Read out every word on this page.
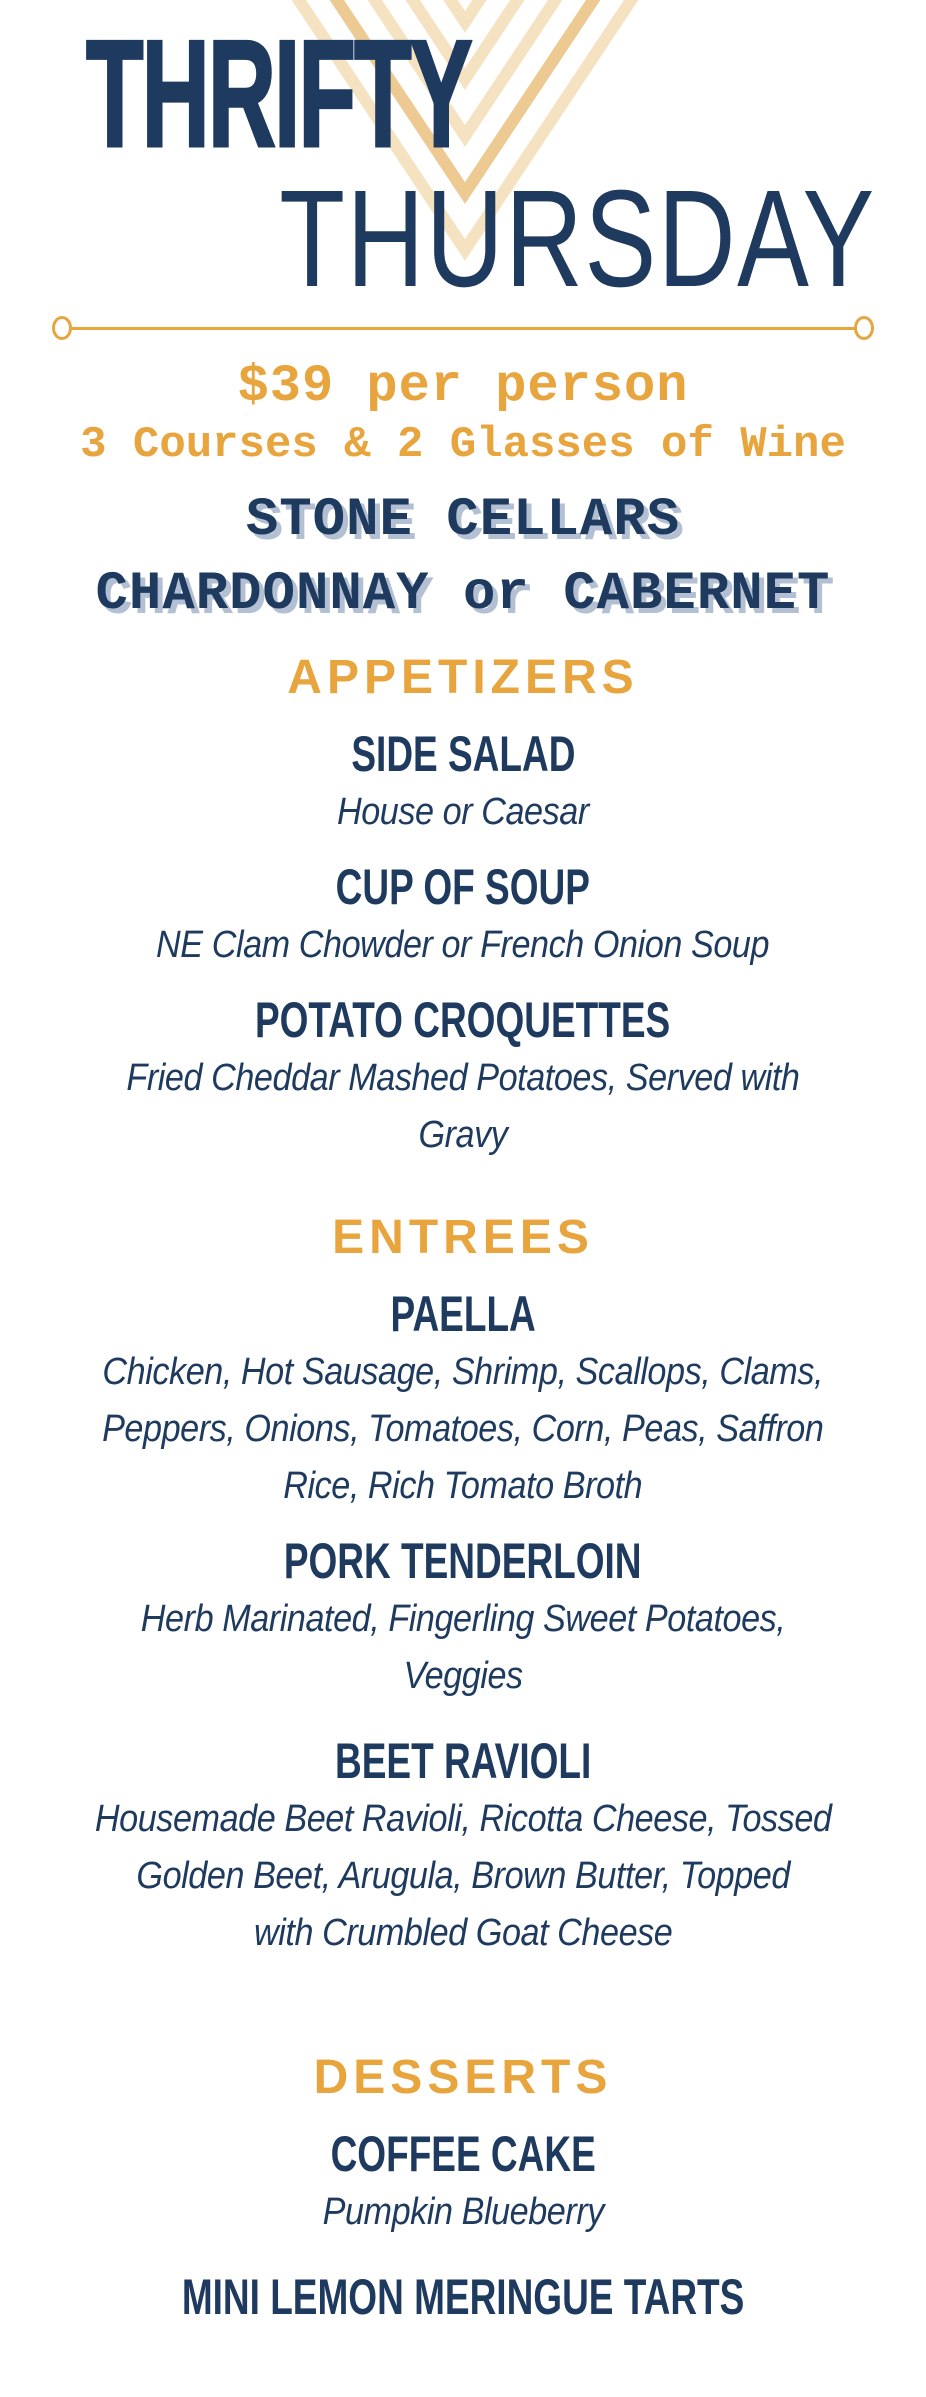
THRIFTY
THURSDAY
$39 per person
3 Courses & 2 Glasses of Wine
STONE CELLARS
CHARDONNAY or CABERNET
APPETIZERS
SIDE SALAD
House or Caesar
CUP OF SOUP
NE Clam Chowder or French Onion Soup
POTATO CROQUETTES
Fried Cheddar Mashed Potatoes, Served with
Gravy
ENTREES
PAELLA
Chicken, Hot Sausage, Shrimp, Scallops, Clams,
Peppers, Onions, Tomatoes, Corn, Peas, Saffron
Rice, Rich Tomato Broth
PORK TENDERLOIN
Herb Marinated, Fingerling Sweet Potatoes,
Veggies
BEET RAVIOLI
Housemade Beet Ravioli, Ricotta Cheese, Tossed
Golden Beet, Arugula, Brown Butter, Topped
with Crumbled Goat Cheese
DESSERTS
COFFEE CAKE
Pumpkin Blueberry
MINI LEMON MERINGUE TARTS
